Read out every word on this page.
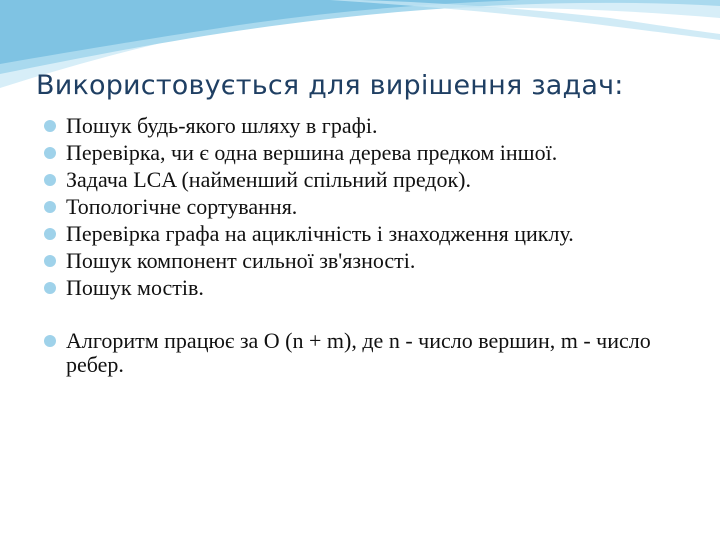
Використовується для вирішення задач:
Пошук будь-якого шляху в графі.
Перевірка, чи є одна вершина дерева предком іншої.
Задача LCA (найменший спільний предок).
Топологічне сортування.
Перевірка графа на ациклічність і знаходження циклу.
Пошук компонент сильної зв'язності.
Пошук мостів.
Алгоритм працює за O (n + m), де n - число вершин, m - число ребер.
